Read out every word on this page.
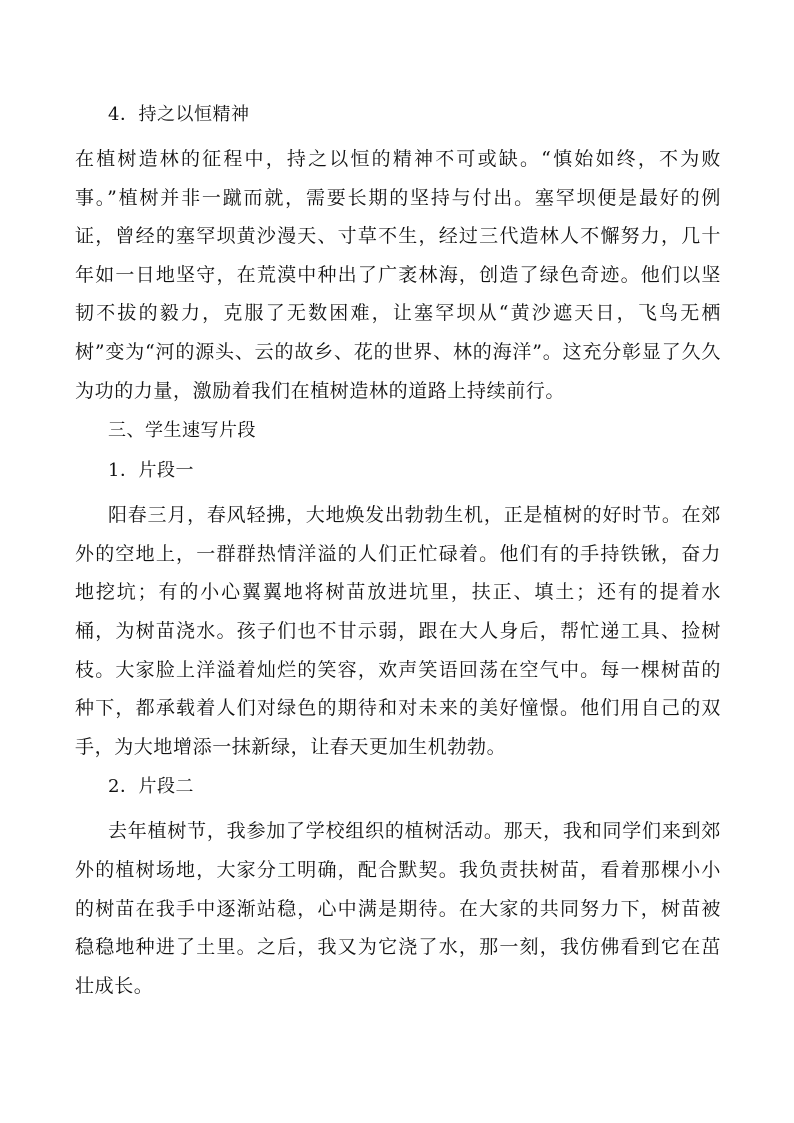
4．持之以恒精神

在植树造林的征程中，持之以恒的精神不可或缺。“慎始如终，不为败事。”植树并非一蹴而就，需要长期的坚持与付出。塞罕坝便是最好的例证，曾经的塞罕坝黄沙漫天、寸草不生，经过三代造林人不懈努力，几十年如一日地坚守，在荒漠中种出了广袤林海，创造了绿色奇迹。他们以坚韧不拔的毅力，克服了无数困难，让塞罕坝从“黄沙遮天日，飞鸟无栖树”变为“河的源头、云的故乡、花的世界、林的海洋”。这充分彰显了久久为功的力量，激励着我们在植树造林的道路上持续前行。

三、学生速写片段

1．片段一

阳春三月，春风轻拂，大地焕发出勃勃生机，正是植树的好时节。在郊外的空地上，一群群热情洋溢的人们正忙碌着。他们有的手持铁锹，奋力地挖坑；有的小心翼翼地将树苗放进坑里，扶正、填土；还有的提着水桶，为树苗浇水。孩子们也不甘示弱，跟在大人身后，帮忙递工具、捡树枝。大家脸上洋溢着灿烂的笑容，欢声笑语回荡在空气中。每一棵树苗的种下，都承载着人们对绿色的期待和对未来的美好憧憬。他们用自己的双手，为大地增添一抹新绿，让春天更加生机勃勃。

2．片段二

去年植树节，我参加了学校组织的植树活动。那天，我和同学们来到郊外的植树场地，大家分工明确，配合默契。我负责扶树苗，看着那棵小小的树苗在我手中逐渐站稳，心中满是期待。在大家的共同努力下，树苗被稳稳地种进了土里。之后，我又为它浇了水，那一刻，我仿佛看到它在茁壮成长。
